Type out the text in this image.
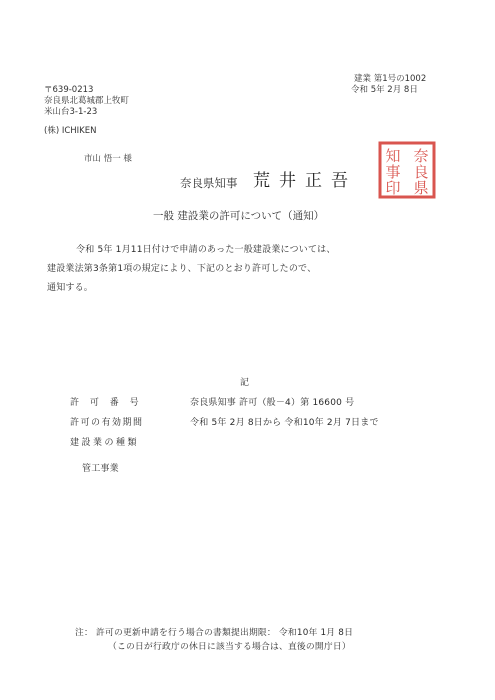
建業 第1号の1002
令和 5年 2月 8日
〒639-0213
奈良県北葛城郡上牧町
米山台3-1-23
(株) ICHIKEN
市山 悟一 様
奈良県知事 荒井正吾
奈
良
県
知
事
印
一般 建設業の許可について（通知）
令和 5年 1月11日付けで申請のあった一般建設業については、
建設業法第3条第1項の規定により、下記のとおり許可したので、
通知する。
記
許 可 番 号	奈良県知事 許可（般－4）第 16600 号
許可の有効期間	令和 5年 2月 8日から 令和10年 2月 7日まで
建設業の種類
管工事業
注： 許可の更新申請を行う場合の書類提出期限： 令和10年 1月 8日
（この日が行政庁の休日に該当する場合は、直後の開庁日）
